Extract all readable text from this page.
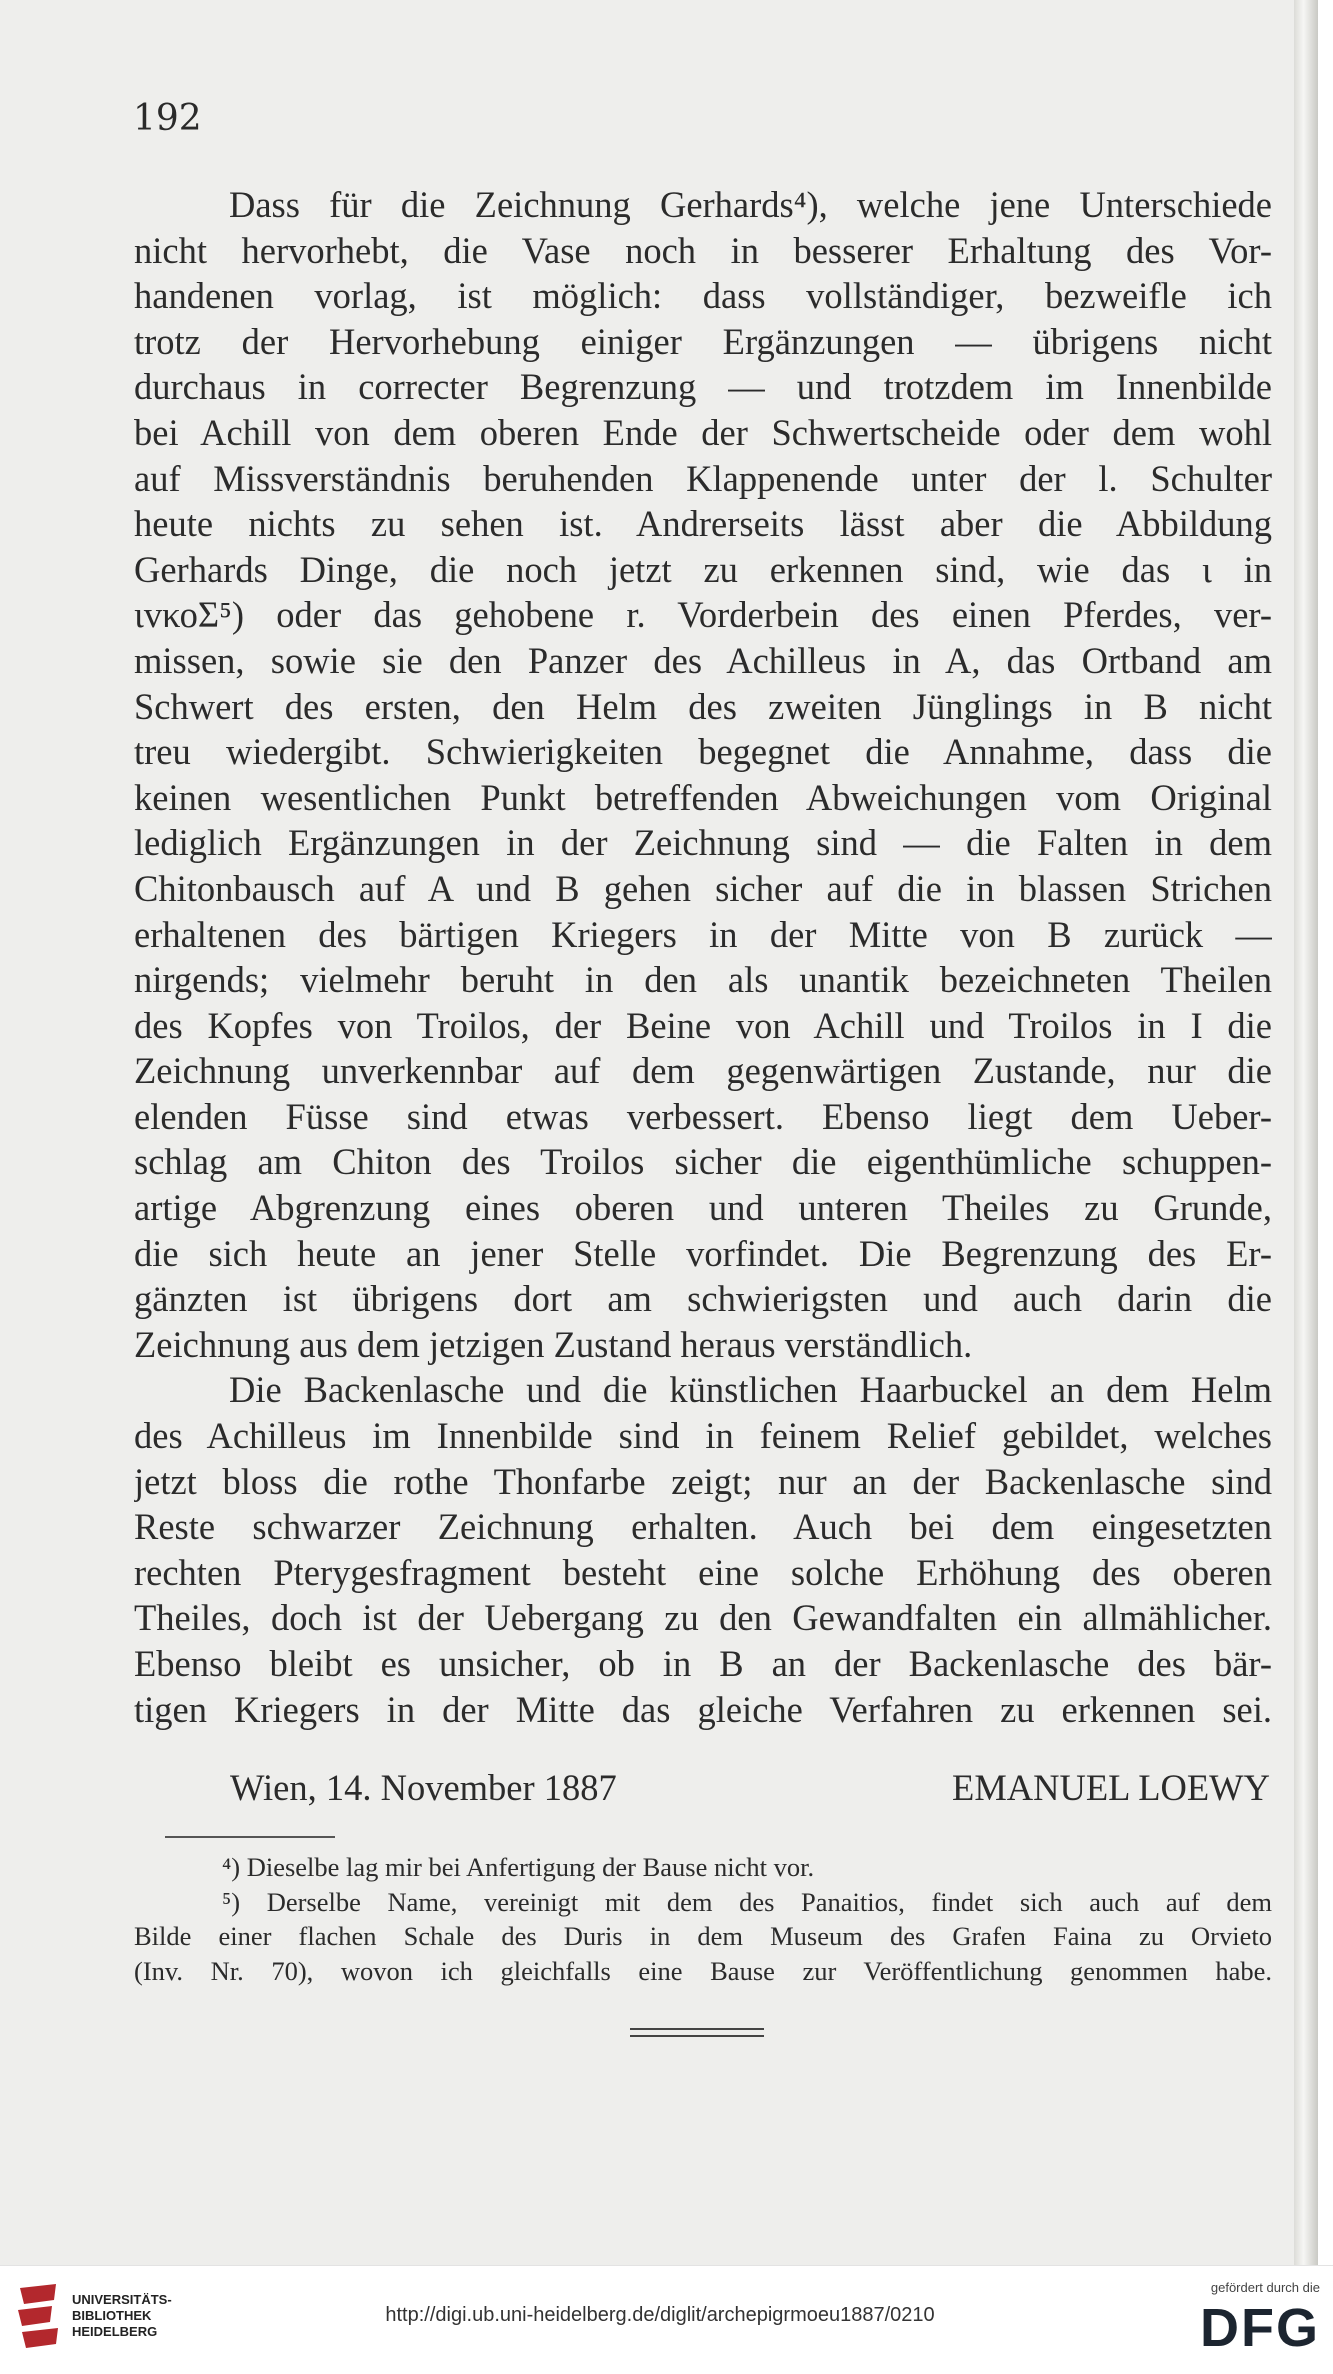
192
Dass für die Zeichnung Gerhards⁴), welche jene Unterschiede
nicht hervorhebt, die Vase noch in besserer Erhaltung des Vor-
handenen vorlag, ist möglich: dass vollständiger, bezweifle ich
trotz der Hervorhebung einiger Ergänzungen — übrigens nicht
durchaus in correcter Begrenzung — und trotzdem im Innenbilde
bei Achill von dem oberen Ende der Schwertscheide oder dem wohl
auf Missverständnis beruhenden Klappenende unter der l. Schulter
heute nichts zu sehen ist. Andrerseits lässt aber die Abbildung
Gerhards Dinge, die noch jetzt zu erkennen sind, wie das ι in
ιvκοΣ⁵) oder das gehobene r. Vorderbein des einen Pferdes, ver-
missen, sowie sie den Panzer des Achilleus in A, das Ortband am
Schwert des ersten, den Helm des zweiten Jünglings in B nicht
treu wiedergibt. Schwierigkeiten begegnet die Annahme, dass die
keinen wesentlichen Punkt betreffenden Abweichungen vom Original
lediglich Ergänzungen in der Zeichnung sind — die Falten in dem
Chitonbausch auf A und B gehen sicher auf die in blassen Strichen
erhaltenen des bärtigen Kriegers in der Mitte von B zurück —
nirgends; vielmehr beruht in den als unantik bezeichneten Theilen
des Kopfes von Troilos, der Beine von Achill und Troilos in I die
Zeichnung unverkennbar auf dem gegenwärtigen Zustande, nur die
elenden Füsse sind etwas verbessert. Ebenso liegt dem Ueber-
schlag am Chiton des Troilos sicher die eigenthümliche schuppen-
artige Abgrenzung eines oberen und unteren Theiles zu Grunde,
die sich heute an jener Stelle vorfindet. Die Begrenzung des Er-
gänzten ist übrigens dort am schwierigsten und auch darin die
Zeichnung aus dem jetzigen Zustand heraus verständlich.
Die Backenlasche und die künstlichen Haarbuckel an dem Helm
des Achilleus im Innenbilde sind in feinem Relief gebildet, welches
jetzt bloss die rothe Thonfarbe zeigt; nur an der Backenlasche sind
Reste schwarzer Zeichnung erhalten. Auch bei dem eingesetzten
rechten Pterygesfragment besteht eine solche Erhöhung des oberen
Theiles, doch ist der Uebergang zu den Gewandfalten ein allmählicher.
Ebenso bleibt es unsicher, ob in B an der Backenlasche des bär-
tigen Kriegers in der Mitte das gleiche Verfahren zu erkennen sei.
Wien, 14. November 1887	EMANUEL LOEWY
⁴) Dieselbe lag mir bei Anfertigung der Bause nicht vor.
⁵) Derselbe Name, vereinigt mit dem des Panaitios, findet sich auch auf dem
Bilde einer flachen Schale des Duris in dem Museum des Grafen Faina zu Orvieto
(Inv. Nr. 70), wovon ich gleichfalls eine Bause zur Veröffentlichung genommen habe.
UNIVERSITÄTS-
BIBLIOTHEK
HEIDELBERG
http://digi.ub.uni-heidelberg.de/diglit/archepigrmoeu1887/0210
gefördert durch die
DFG
